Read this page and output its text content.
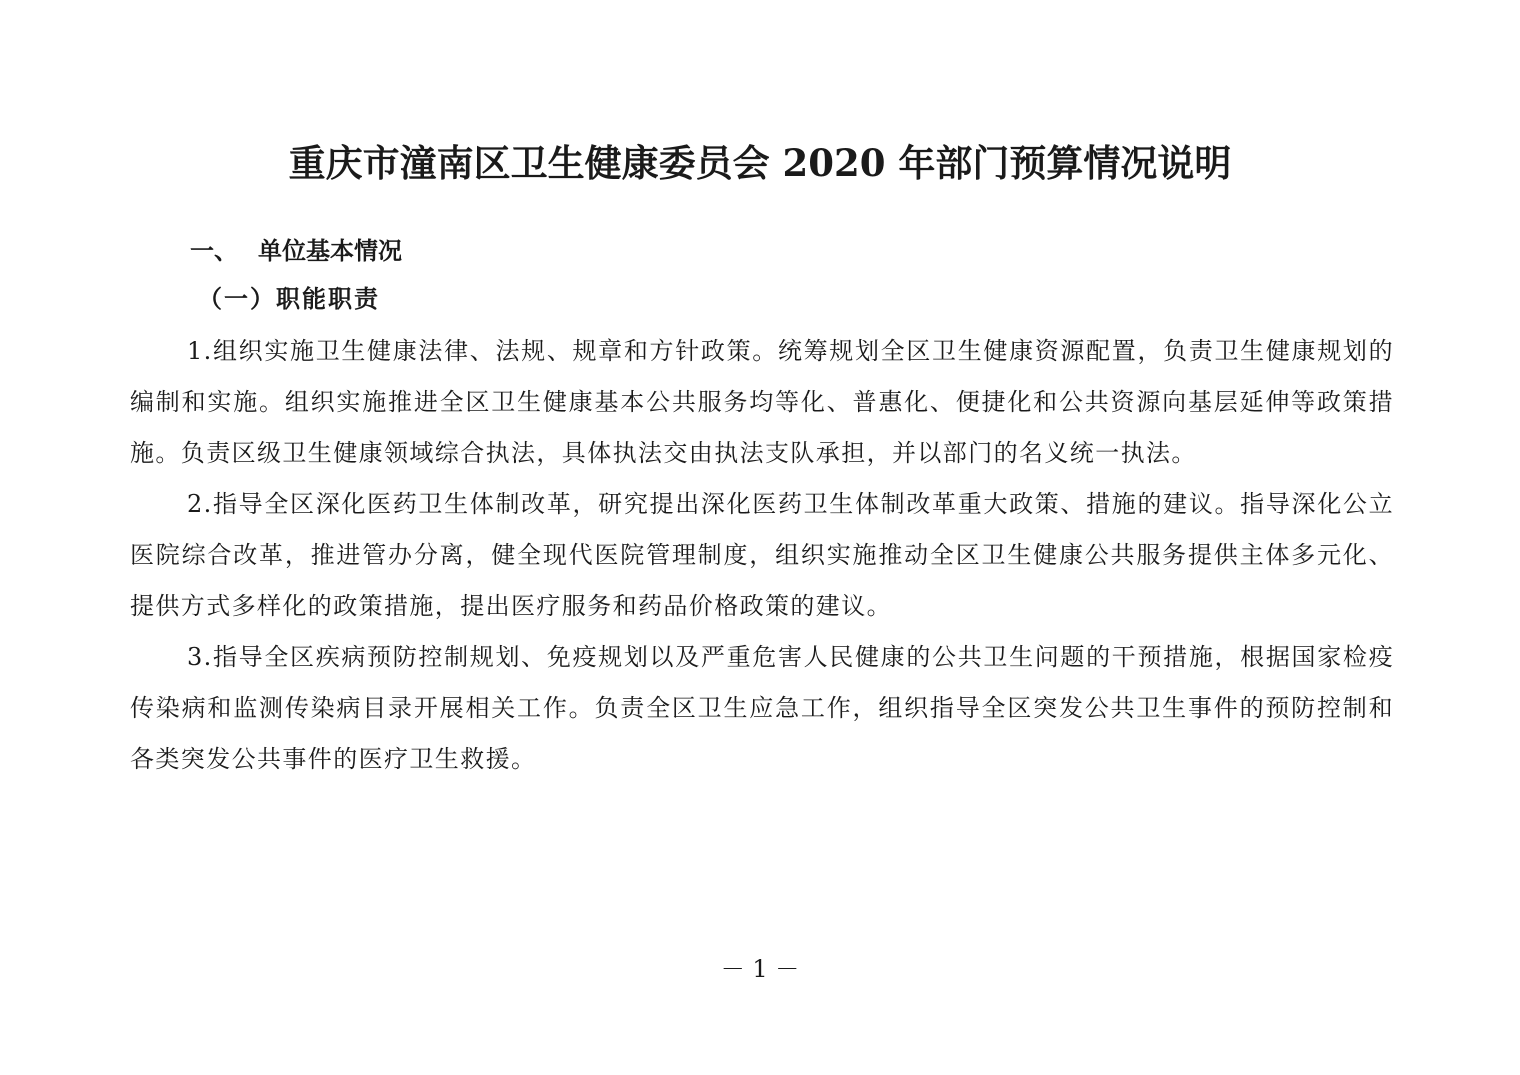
重庆市潼南区卫生健康委员会 2020 年部门预算情况说明
一、 单位基本情况
（一）职能职责

1.组织实施卫生健康法律、法规、规章和方针政策。统筹规划全区卫生健康资源配置，负责卫生健康规划的编制和实施。组织实施推进全区卫生健康基本公共服务均等化、普惠化、便捷化和公共资源向基层延伸等政策措施。负责区级卫生健康领域综合执法，具体执法交由执法支队承担，并以部门的名义统一执法。

2.指导全区深化医药卫生体制改革，研究提出深化医药卫生体制改革重大政策、措施的建议。指导深化公立医院综合改革，推进管办分离，健全现代医院管理制度，组织实施推动全区卫生健康公共服务提供主体多元化、提供方式多样化的政策措施，提出医疗服务和药品价格政策的建议。

3.指导全区疾病预防控制规划、免疫规划以及严重危害人民健康的公共卫生问题的干预措施，根据国家检疫传染病和监测传染病目录开展相关工作。负责全区卫生应急工作，组织指导全区突发公共卫生事件的预防控制和各类突发公共事件的医疗卫生救援。

－ 1 －
